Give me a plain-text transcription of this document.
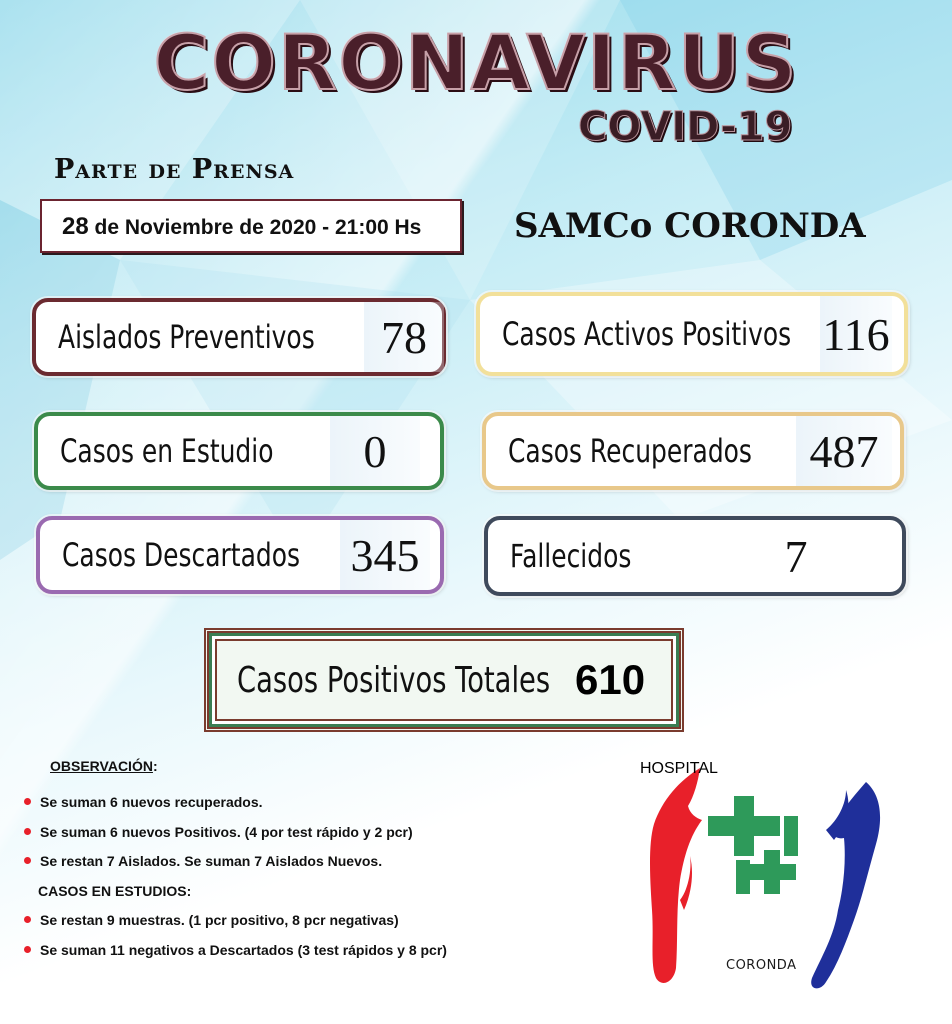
CORONAVIRUS
COVID-19
Parte de Prensa
28 de Noviembre de 2020 - 21:00 Hs	SAMCo CORONDA
Aislados Preventivos	78	Casos Activos Positivos 116
Casos en Estudio	0	Casos Recuperados 487
Casos Descartados 345	Fallecidos	7
Casos Positivos Totales 610
OBSERVACIÓN:
Se suman 6 nuevos recuperados.
Se suman 6 nuevos Positivos. (4 por test rápido y 2 pcr)
Se restan 7 Aislados. Se suman 7 Aislados Nuevos.
CASOS EN ESTUDIOS:
Se restan 9 muestras. (1 pcr positivo, 8 pcr negativas)
Se suman 11 negativos a Descartados (3 test rápidos y 8 pcr)
HOSPITAL
CORONDA
